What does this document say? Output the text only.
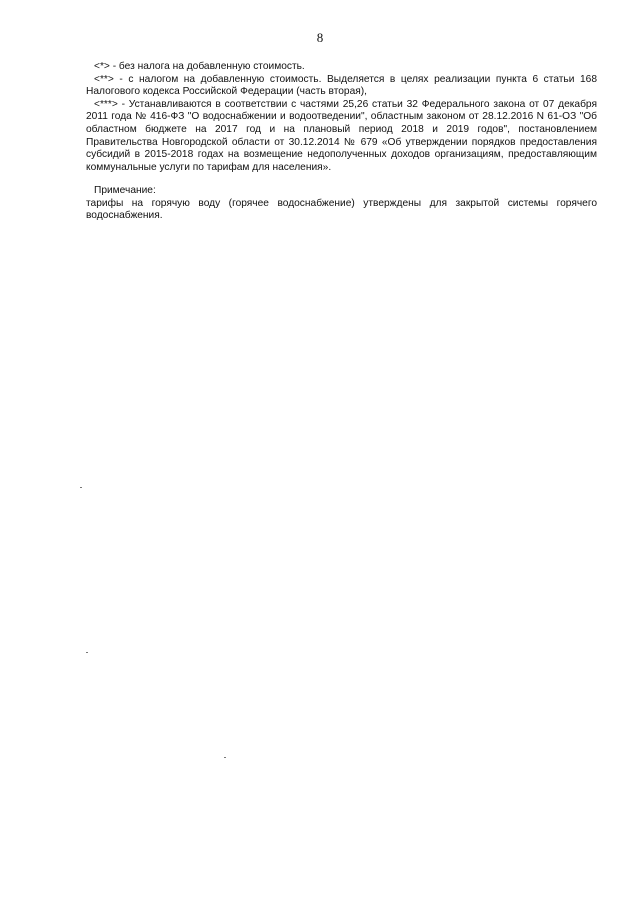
8

<*> - без налога на добавленную стоимость.

<**> - с налогом на добавленную стоимость. Выделяется в целях реализации пункта 6 статьи 168 Налогового кодекса Российской Федерации (часть вторая),

<***> - Устанавливаются в соответствии с частями 25,26 статьи 32 Федерального закона от 07 декабря 2011 года № 416-ФЗ "О водоснабжении и водоотведении", областным законом от 28.12.2016 N 61-ОЗ "Об областном бюджете на 2017 год и на плановый период 2018 и 2019 годов", постановлением Правительства Новгородской области от 30.12.2014 № 679 «Об утверждении порядков предоставления субсидий в 2015-2018 годах на возмещение недополученных доходов организациям, предоставляющим коммунальные услуги по тарифам для населения».

Примечание:

тарифы на горячую воду (горячее водоснабжение) утверждены для закрытой системы горячего водоснабжения.
